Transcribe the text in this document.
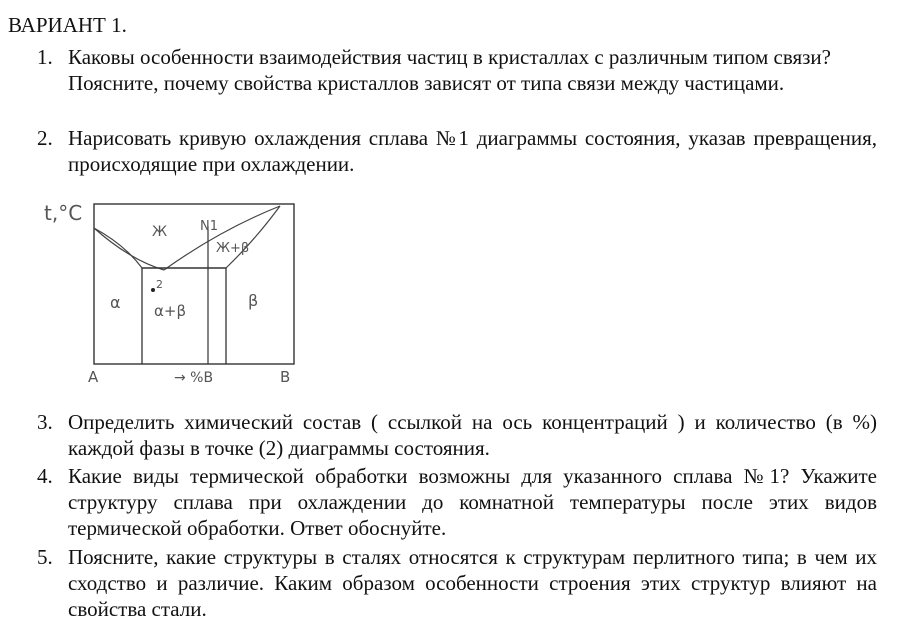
ВАРИАНТ 1.
1. Каковы особенности взаимодействия частиц в кристаллах с различным типом связи? Поясните, почему свойства кристаллов зависят от типа связи между частицами.
2. Нарисовать кривую охлаждения сплава №1 диаграммы состояния, указав превращения, происходящие при охлаждении.
t,°C
N1
2
Ж
Ж+β
α α+β
β
A	→ %B	B
3. Определить химический состав ( ссылкой на ось концентраций ) и количество (в %) каждой фазы в точке (2) диаграммы состояния.
4. Какие виды термической обработки возможны для указанного сплава №1? Укажите структуру сплава при охлаждении до комнатной температуры после этих видов термической обработки. Ответ обоснуйте.
5. Поясните, какие структуры в сталях относятся к структурам перлитного типа; в чем их сходство и различие. Каким образом особенности строения этих структур влияют на свойства стали.
